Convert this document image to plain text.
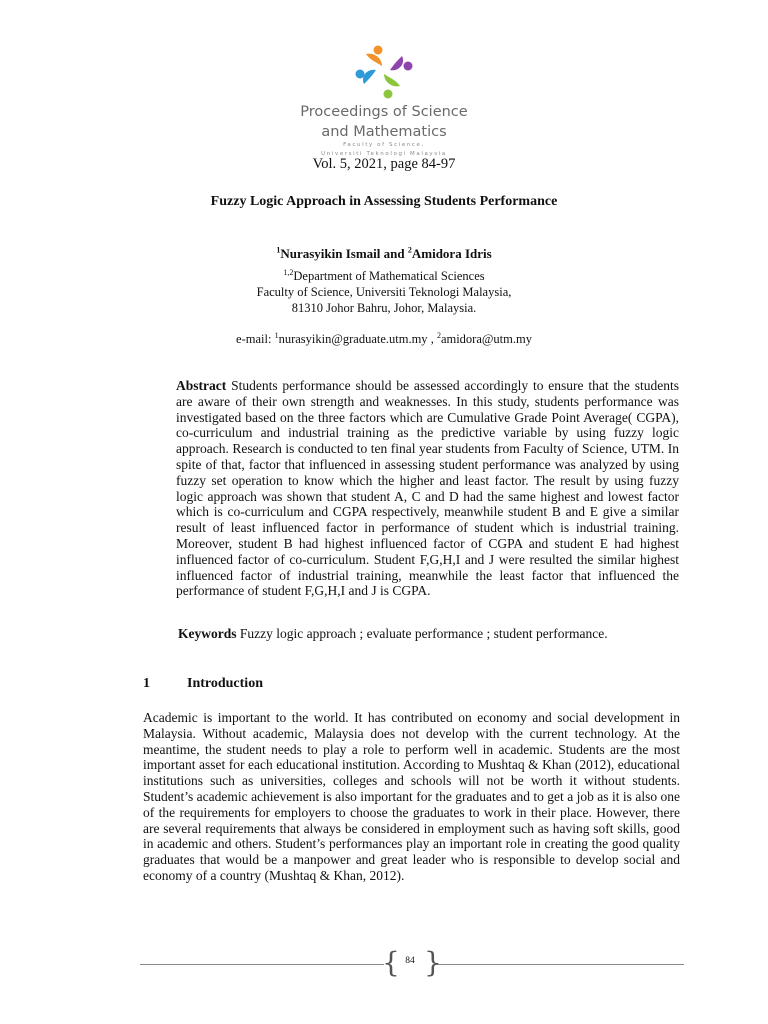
Proceedings of Science
and Mathematics
Faculty of Science,
Universiti Teknologi Malaysia
Vol. 5, 2021, page 84-97
Fuzzy Logic Approach in Assessing Students Performance
$^1$Nurasyikin Ismail and $^2$Amidora Idris
$^{1,2}$Department of Mathematical Sciences
Faculty of Science, Universiti Teknologi Malaysia,
81310 Johor Bahru, Johor, Malaysia.
e-mail: $^1$nurasyikin@graduate.utm.my , $^2$amidora@utm.my

Abstract Students performance should be assessed accordingly to ensure that the students are aware of their own strength and weaknesses. In this study, students performance was investigated based on the three factors which are Cumulative Grade Point Average( CGPA), co-curriculum and industrial training as the predictive variable by using fuzzy logic approach. Research is conducted to ten final year students from Faculty of Science, UTM. In spite of that, factor that influenced in assessing student performance was analyzed by using fuzzy set operation to know which the higher and least factor. The result by using fuzzy logic approach was shown that student A, C and D had the same highest and lowest factor which is co-curriculum and CGPA respectively, meanwhile student B and E give a similar result of least influenced factor in performance of student which is industrial training. Moreover, student B had highest influenced factor of CGPA and student E had highest influenced factor of co-curriculum. Student F,G,H,I and J were resulted the similar highest influenced factor of industrial training, meanwhile the least factor that influenced the performance of student F,G,H,I and J is CGPA.

Keywords Fuzzy logic approach ; evaluate performance ; student performance.

1	Introduction

Academic is important to the world. It has contributed on economy and social development in Malaysia. Without academic, Malaysia does not develop with the current technology. At the meantime, the student needs to play a role to perform well in academic. Students are the most important asset for each educational institution. According to Mushtaq & Khan (2012), educational institutions such as universities, colleges and schools will not be worth it without students. Student’s academic achievement is also important for the graduates and to get a job as it is also one of the requirements for employers to choose the graduates to work in their place. However, there are several requirements that always be considered in employment such as having soft skills, good in academic and others. Student’s performances play an important role in creating the good quality graduates that would be a manpower and great leader who is responsible to develop social and economy of a country (Mushtaq & Khan, 2012).

{ }
84
